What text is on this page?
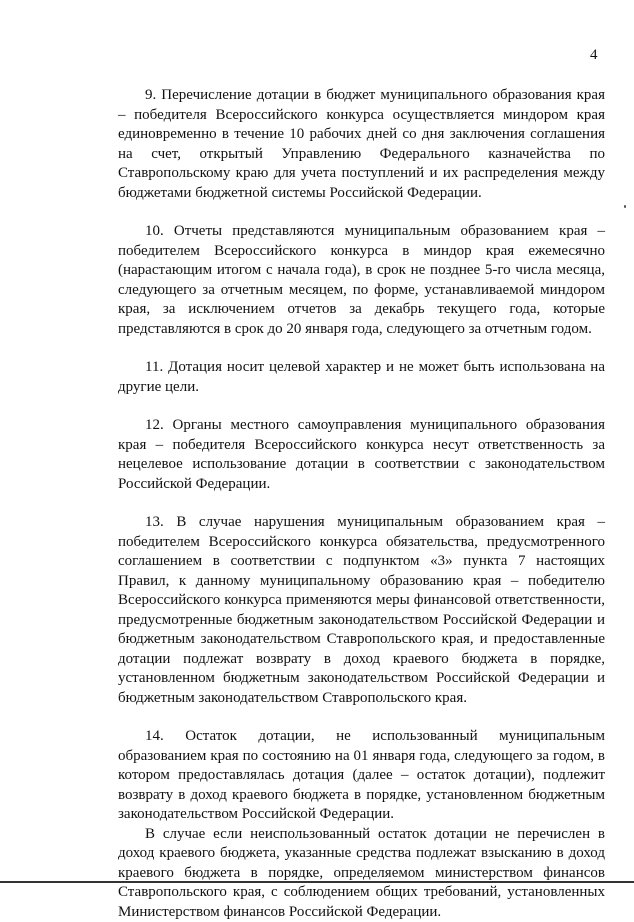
4

9. Перечисление дотации в бюджет муниципального образования края – победителя Всероссийского конкурса осуществляется миндором края единовременно в течение 10 рабочих дней со дня заключения соглашения на счет, открытый Управлению Федерального казначейства по Ставропольскому краю для учета поступлений и их распределения между бюджетами бюджетной системы Российской Федерации.

10. Отчеты представляются муниципальным образованием края – победителем Всероссийского конкурса в миндор края ежемесячно (нарастающим итогом с начала года), в срок не позднее 5-го числа месяца, следующего за отчетным месяцем, по форме, устанавливаемой миндором края, за исключением отчетов за декабрь текущего года, которые представляются в срок до 20 января года, следующего за отчетным годом.

11. Дотация носит целевой характер и не может быть использована на другие цели.

12. Органы местного самоуправления муниципального образования края – победителя Всероссийского конкурса несут ответственность за нецелевое использование дотации в соответствии с законодательством Российской Федерации.

13. В случае нарушения муниципальным образованием края – победителем Всероссийского конкурса обязательства, предусмотренного соглашением в соответствии с подпунктом «3» пункта 7 настоящих Правил, к данному муниципальному образованию края – победителю Всероссийского конкурса применяются меры финансовой ответственности, предусмотренные бюджетным законодательством Российской Федерации и бюджетным законодательством Ставропольского края, и предоставленные дотации подлежат возврату в доход краевого бюджета в порядке, установленном бюджетным законодательством Российской Федерации и бюджетным законодательством Ставропольского края.

14. Остаток дотации, не использованный муниципальным образованием края по состоянию на 01 января года, следующего за годом, в котором предоставлялась дотация (далее – остаток дотации), подлежит возврату в доход краевого бюджета в порядке, установленном бюджетным законодательством Российской Федерации.

В случае если неиспользованный остаток дотации не перечислен в доход краевого бюджета, указанные средства подлежат взысканию в доход краевого бюджета в порядке, определяемом министерством финансов Ставропольского края, с соблюдением общих требований, установленных Министерством финансов Российской Федерации.
